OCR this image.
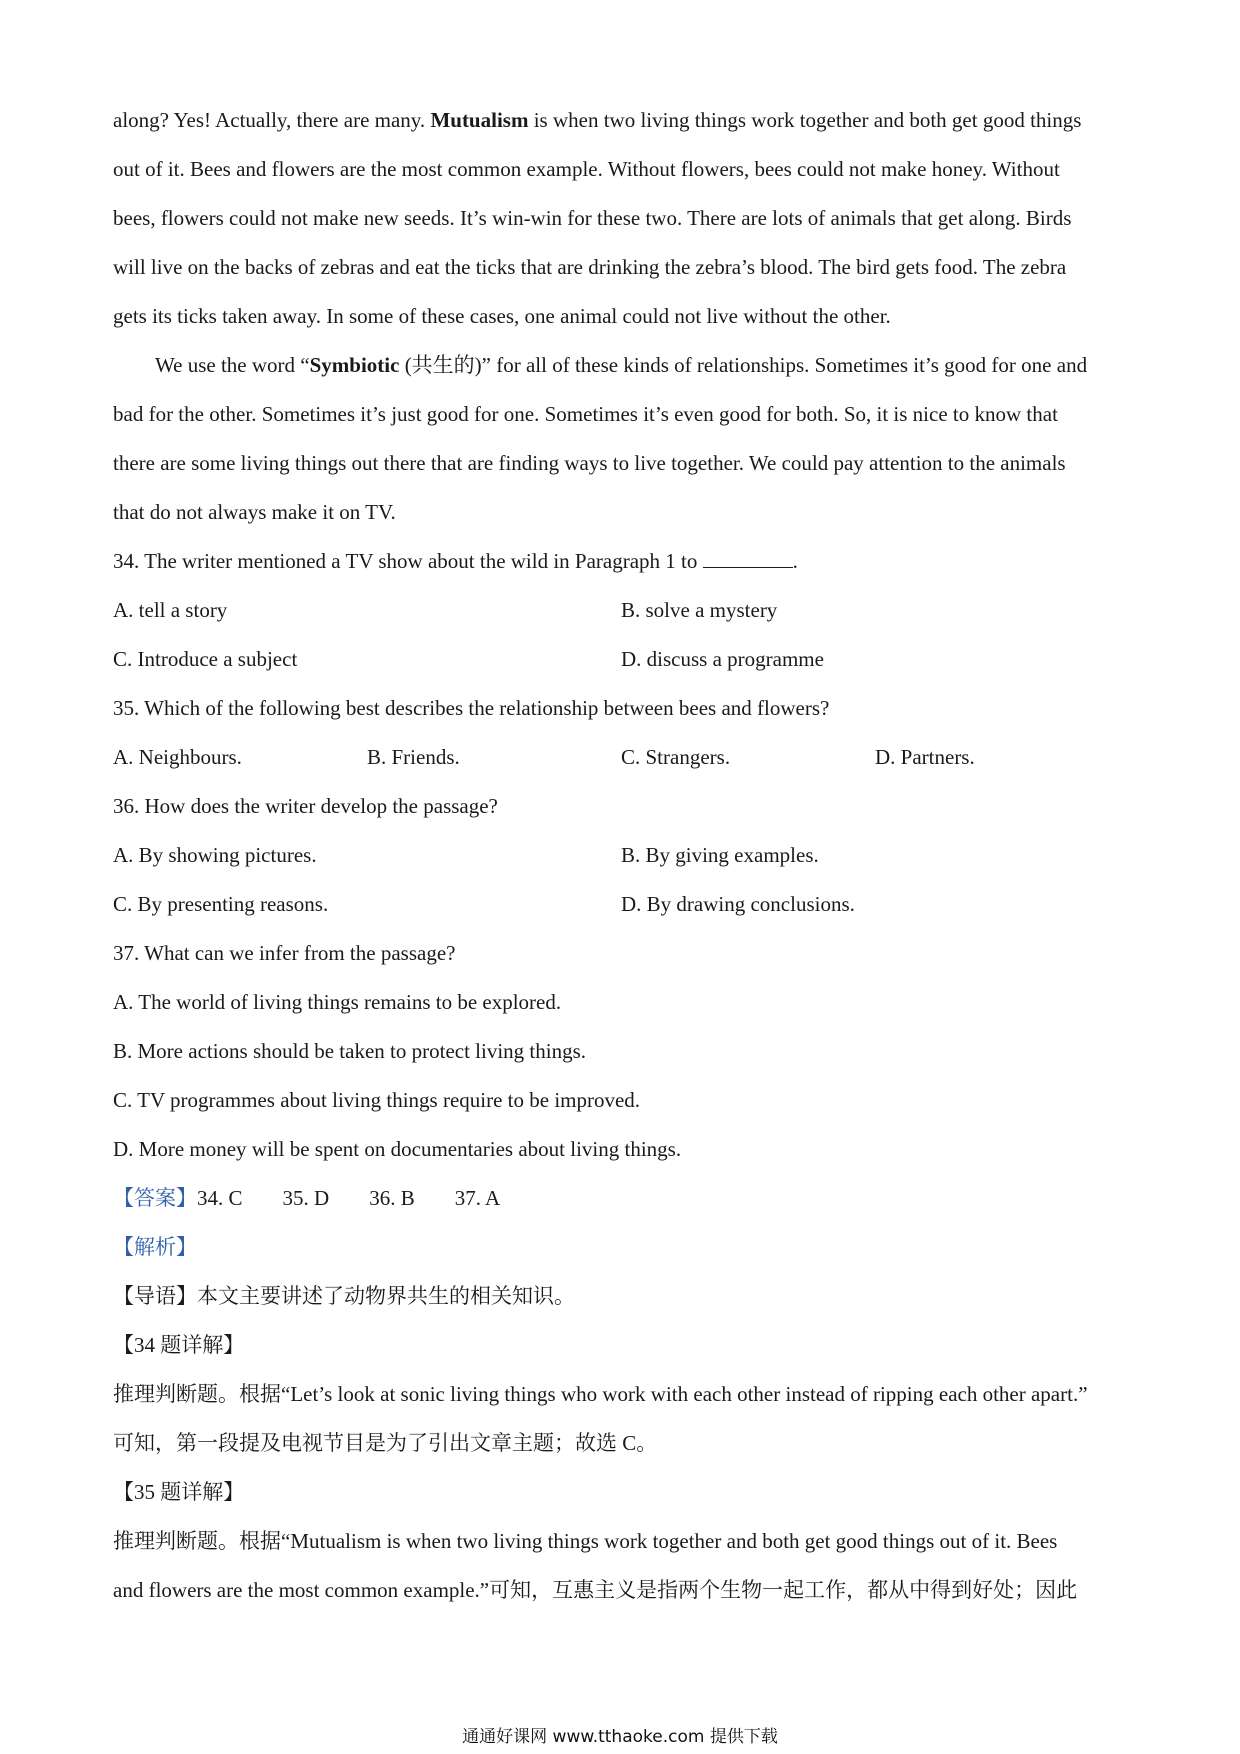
along? Yes! Actually, there are many. Mutualism is when two living things work together and both get good things

out of it. Bees and flowers are the most common example. Without flowers, bees could not make honey. Without

bees, flowers could not make new seeds. It’s win-win for these two. There are lots of animals that get along. Birds

will live on the backs of zebras and eat the ticks that are drinking the zebra’s blood. The bird gets food. The zebra

gets its ticks taken away. In some of these cases, one animal could not live without the other.

We use the word “Symbiotic (共生的)” for all of these kinds of relationships. Sometimes it’s good for one and

bad for the other. Sometimes it’s just good for one. Sometimes it’s even good for both. So, it is nice to know that

there are some living things out there that are finding ways to live together. We could pay attention to the animals

that do not always make it on TV.

34. The writer mentioned a TV show about the wild in Paragraph 1 to	.

A. tell a story	B. solve a mystery
C. Introduce a subject	D. discuss a programme

35. Which of the following best describes the relationship between bees and flowers?

A. Neighbours.	B. Friends.	C. Strangers.	D. Partners.

36. How does the writer develop the passage?

A. By showing pictures.	B. By giving examples.
C. By presenting reasons.	D. By drawing conclusions.

37. What can we infer from the passage?

A. The world of living things remains to be explored.

B. More actions should be taken to protect living things.

C. TV programmes about living things require to be improved.

D. More money will be spent on documentaries about living things.

【答案】34. C 35. D 36. B 37. A

【解析】

【导语】本文主要讲述了动物界共生的相关知识。

【34 题详解】

推理判断题。根据“Let’s look at sonic living things who work with each other instead of ripping each other apart.”

可知，第一段提及电视节目是为了引出文章主题；故选 C。

【35 题详解】

推理判断题。根据“Mutualism is when two living things work together and both get good things out of it. Bees

and flowers are the most common example.”可知，互惠主义是指两个生物一起工作，都从中得到好处；因此

通通好课网 www.tthaoke.com 提供下载
